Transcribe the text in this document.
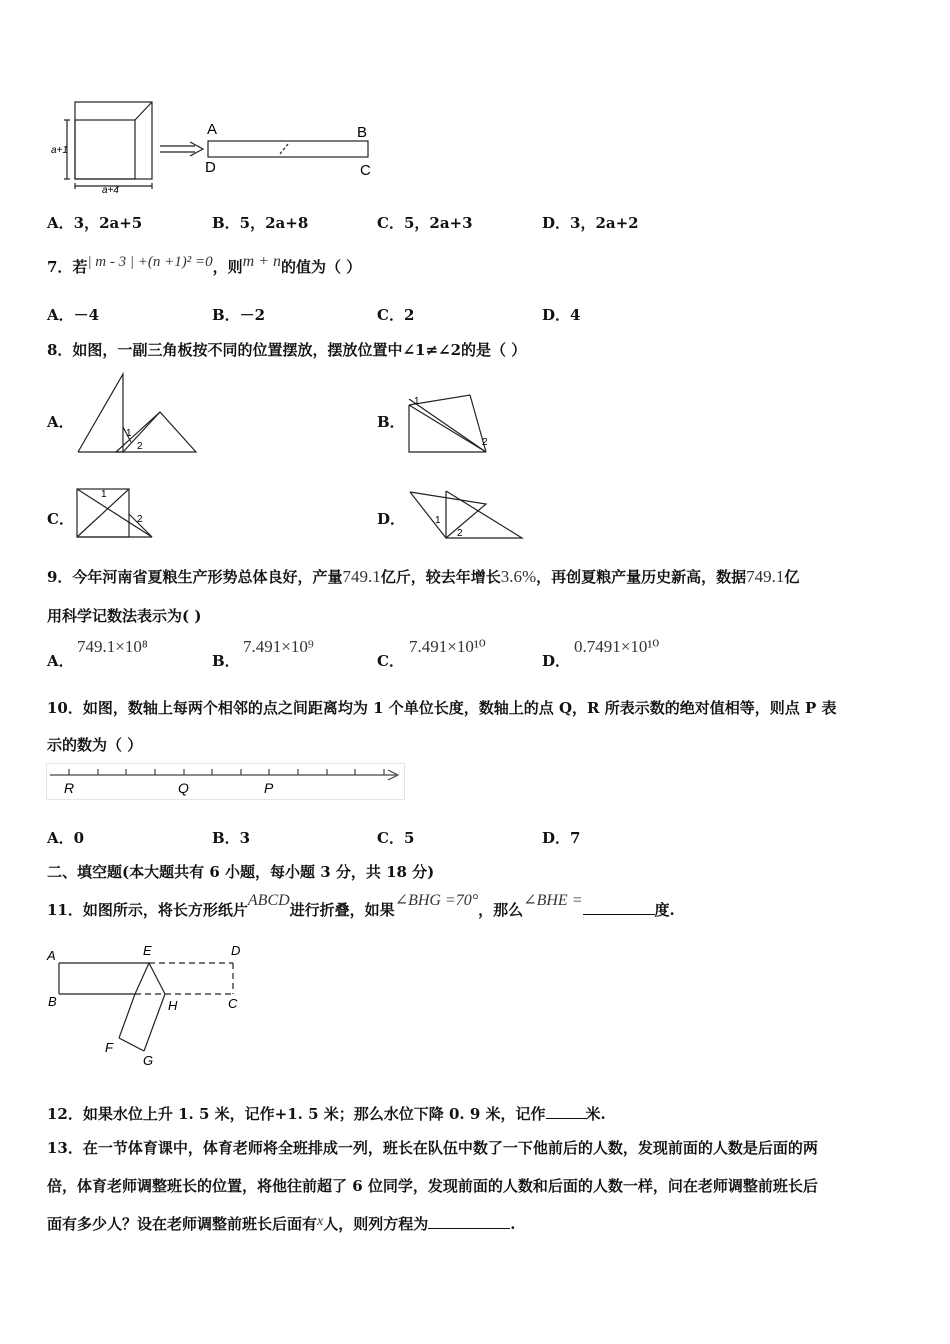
a+1
a+4
A	B
D	C
A．3，2a+5	B．5，2a+8	C．5，2a+3	D．3，2a+2
7．若| m - 3 | +(n +1)² =0，则m + n的值为（ ）
A．－4	B．－2	C．2	D．4
8．如图，一副三角板按不同的位置摆放，摆放位置中∠1≠∠2的是（ ）
A．
1
2
B．
1
2
C．
1
2	D．	1
2
9．今年河南省夏粮生产形势总体良好，产量749.1亿斤，较去年增长3.6%，再创夏粮产量历史新高，数据749.1亿
用科学记数法表示为( )
A．
749.1×10⁸
B．
7.491×10⁹
C．
7.491×10¹⁰
D．
0.7491×10¹⁰
10．如图，数轴上每两个相邻的点之间距离均为 1 个单位长度，数轴上的点 Q，R 所表示数的绝对值相等，则点 P 表
示的数为（ ）
R	Q	P
A．0	B．3	C．5	D．7
二、填空题(本大题共有 6 小题，每小题 3 分，共 18 分)
11．如图所示，将长方形纸片ABCD进行折叠，如果∠BHG =70°，那么∠BHE =度.
A	E	D
B	H	C
F
G
12．如果水位上升 1. 5 米，记作+1. 5 米；那么水位下降 0. 9 米，记作	米.
13．在一节体育课中，体育老师将全班排成一列，班长在队伍中数了一下他前后的人数，发现前面的人数是后面的两
倍，体育老师调整班长的位置，将他往前超了 6 位同学，发现前面的人数和后面的人数一样，问在老师调整前班长后
面有多少人？设在老师调整前班长后面有x人，则列方程为	.
